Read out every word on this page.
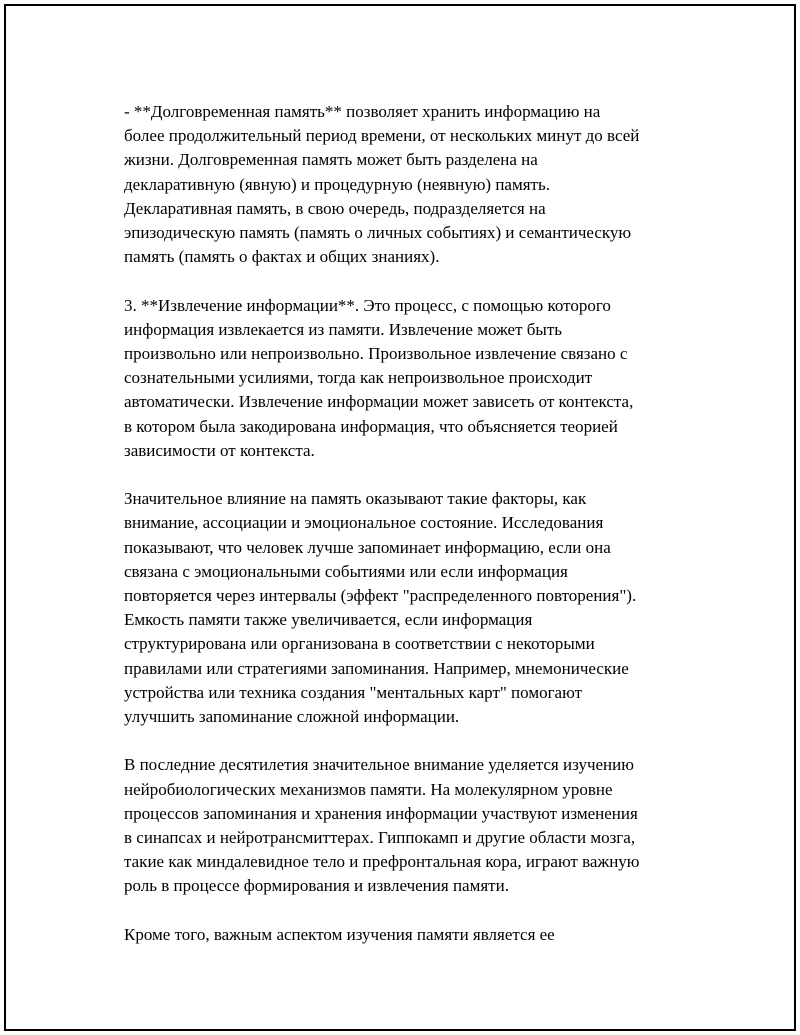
- **Долговременная память** позволяет хранить информацию на
более продолжительный период времени, от нескольких минут до всей
жизни. Долговременная память может быть разделена на
декларативную (явную) и процедурную (неявную) память.
Декларативная память, в свою очередь, подразделяется на
эпизодическую память (память о личных событиях) и семантическую
память (память о фактах и общих знаниях).

3. **Извлечение информации**. Это процесс, с помощью которого
информация извлекается из памяти. Извлечение может быть
произвольно или непроизвольно. Произвольное извлечение связано с
сознательными усилиями, тогда как непроизвольное происходит
автоматически. Извлечение информации может зависеть от контекста,
в котором была закодирована информация, что объясняется теорией
зависимости от контекста.

Значительное влияние на память оказывают такие факторы, как
внимание, ассоциации и эмоциональное состояние. Исследования
показывают, что человек лучше запоминает информацию, если она
связана с эмоциональными событиями или если информация
повторяется через интервалы (эффект "распределенного повторения").
Емкость памяти также увеличивается, если информация
структурирована или организована в соответствии с некоторыми
правилами или стратегиями запоминания. Например, мнемонические
устройства или техника создания "ментальных карт" помогают
улучшить запоминание сложной информации.

В последние десятилетия значительное внимание уделяется изучению
нейробиологических механизмов памяти. На молекулярном уровне
процессов запоминания и хранения информации участвуют изменения
в синапсах и нейротрансмиттерах. Гиппокамп и другие области мозга,
такие как миндалевидное тело и префронтальная кора, играют важную
роль в процессе формирования и извлечения памяти.

Кроме того, важным аспектом изучения памяти является ее
